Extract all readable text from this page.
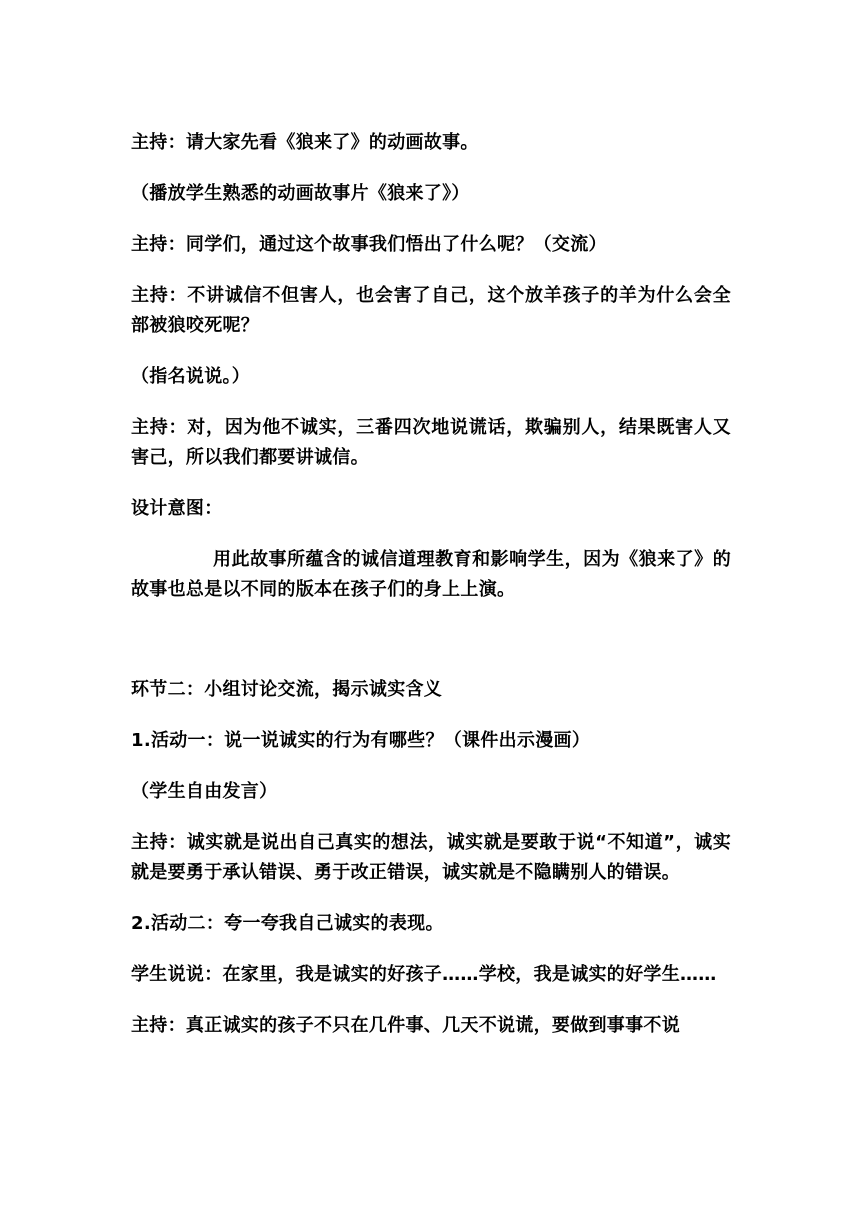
主持：请大家先看《狼来了》的动画故事。

（播放学生熟悉的动画故事片《狼来了》）

主持：同学们，通过这个故事我们悟出了什么呢？（交流）

主持：不讲诚信不但害人，也会害了自己，这个放羊孩子的羊为什么会全部被狼咬死呢？

（指名说说。）

主持：对，因为他不诚实，三番四次地说谎话，欺骗别人，结果既害人又害己，所以我们都要讲诚信。

设计意图：

用此故事所蕴含的诚信道理教育和影响学生，因为《狼来了》的故事也总是以不同的版本在孩子们的身上上演。

环节二：小组讨论交流，揭示诚实含义

1.活动一：说一说诚实的行为有哪些？（课件出示漫画）

（学生自由发言）

主持：诚实就是说出自己真实的想法，诚实就是要敢于说“不知道”，诚实就是要勇于承认错误、勇于改正错误，诚实就是不隐瞒别人的错误。

2.活动二：夸一夸我自己诚实的表现。

学生说说：在家里，我是诚实的好孩子……学校，我是诚实的好学生……

主持：真正诚实的孩子不只在几件事、几天不说谎，要做到事事不说
